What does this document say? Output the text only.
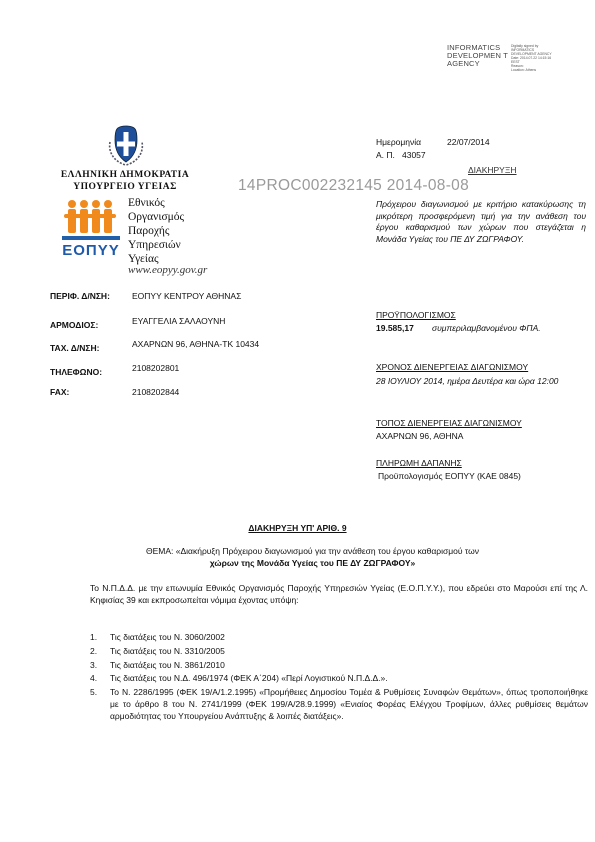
INFORMATICS DEVELOPMEN T AGENCY
Digitally signed by
INFORMATICS
DEVELOPMENT AGENCY
Date: 2014.07.22 14:15:16
EEST
Reason:
Location: Athens
ΕΛΛΗΝΙΚΗ ΔΗΜΟΚΡΑΤΙΑ
ΥΠΟΥΡΓΕΙΟ ΥΓΕΙΑΣ
ΕΟΠΥΥ
Εθνικός
Οργανισμός
Παροχής
Υπηρεσιών
Υγείας
www.eopyy.gov.gr
Ημερομηνία	22/07/2014
Α. Π. 43057
14PROC002232145 2014-08-08
ΔΙΑΚΗΡΥΞΗ
Πρόχειρου διαγωνισμού με κριτήριο κατακύρωσης τη μικρότερη προσφερόμενη τιμή για την ανάθεση του έργου καθαρισμού των χώρων που στεγάζεται η Μονάδα Υγείας του ΠΕ ΔΥ ΖΩΓΡΑΦΟΥ.
ΠΡΟΫΠΟΛΟΓΙΣΜΟΣ
19.585,17 συμπεριλαμβανομένου ΦΠΑ.
ΧΡΟΝΟΣ ΔΙΕΝΕΡΓΕΙΑΣ ΔΙΑΓΩΝΙΣΜΟΥ
28 ΙΟΥΛΙΟΥ 2014, ημέρα Δευτέρα και ώρα 12:00
ΤΟΠΟΣ ΔΙΕΝΕΡΓΕΙΑΣ ΔΙΑΓΩΝΙΣΜΟΥ
ΑΧΑΡΝΩΝ 96, ΑΘΗΝΑ
ΠΛΗΡΩΜΗ ΔΑΠΑΝΗΣ
Προϋπολογισμός ΕΟΠΥΥ (ΚΑΕ 0845)
ΠΕΡΙΦ. Δ/ΝΣΗ:	ΕΟΠΥΥ ΚΕΝΤΡΟΥ ΑΘΗΝΑΣ
ΑΡΜΟΔΙΟΣ:	ΕΥΑΓΓΕΛΙΑ ΣΑΛΑΟΥΝΗ
ΤΑΧ. Δ/ΝΣΗ:	ΑΧΑΡΝΩΝ 96, ΑΘΗΝΑ-ΤΚ 10434
ΤΗΛΕΦΩΝΟ:	2108202801
FAX:	2108202844
ΔΙΑΚΗΡΥΞΗ ΥΠ' ΑΡΙΘ. 9
ΘΕΜΑ: «Διακήρυξη Πρόχειρου διαγωνισμού για την ανάθεση του έργου καθαρισμού των
χώρων της Μονάδα Υγείας του ΠΕ ΔΥ ΖΩΓΡΑΦΟΥ»
Το Ν.Π.Δ.Δ. με την επωνυμία Εθνικός Οργανισμός Παροχής Υπηρεσιών Υγείας (Ε.Ο.Π.Υ.Υ.), που εδρεύει στο Μαρούσι επί της Λ. Κηφισίας 39 και εκπροσωπείται νόμιμα έχοντας υπόψη:
1. Τις διατάξεις του Ν. 3060/2002
2. Τις διατάξεις του Ν. 3310/2005
3. Τις διατάξεις του Ν. 3861/2010
4. Τις διατάξεις του Ν.Δ. 496/1974 (ΦΕΚ Α΄204) «Περί Λογιστικού Ν.Π.Δ.Δ.».
5.	Το Ν. 2286/1995 (ΦΕΚ 19/Α/1.2.1995) «Προμήθειες Δημοσίου Τομέα & Ρυθμίσεις Συναφών Θεμάτων», όπως τροποποιήθηκε με το άρθρο 8 του Ν. 2741/1999 (ΦΕΚ 199/Α/28.9.1999) «Ενιαίος Φορέας Ελέγχου Τροφίμων, άλλες ρυθμίσεις θεμάτων αρμοδιότητας του Υπουργείου Ανάπτυξης & λοιπές διατάξεις».
